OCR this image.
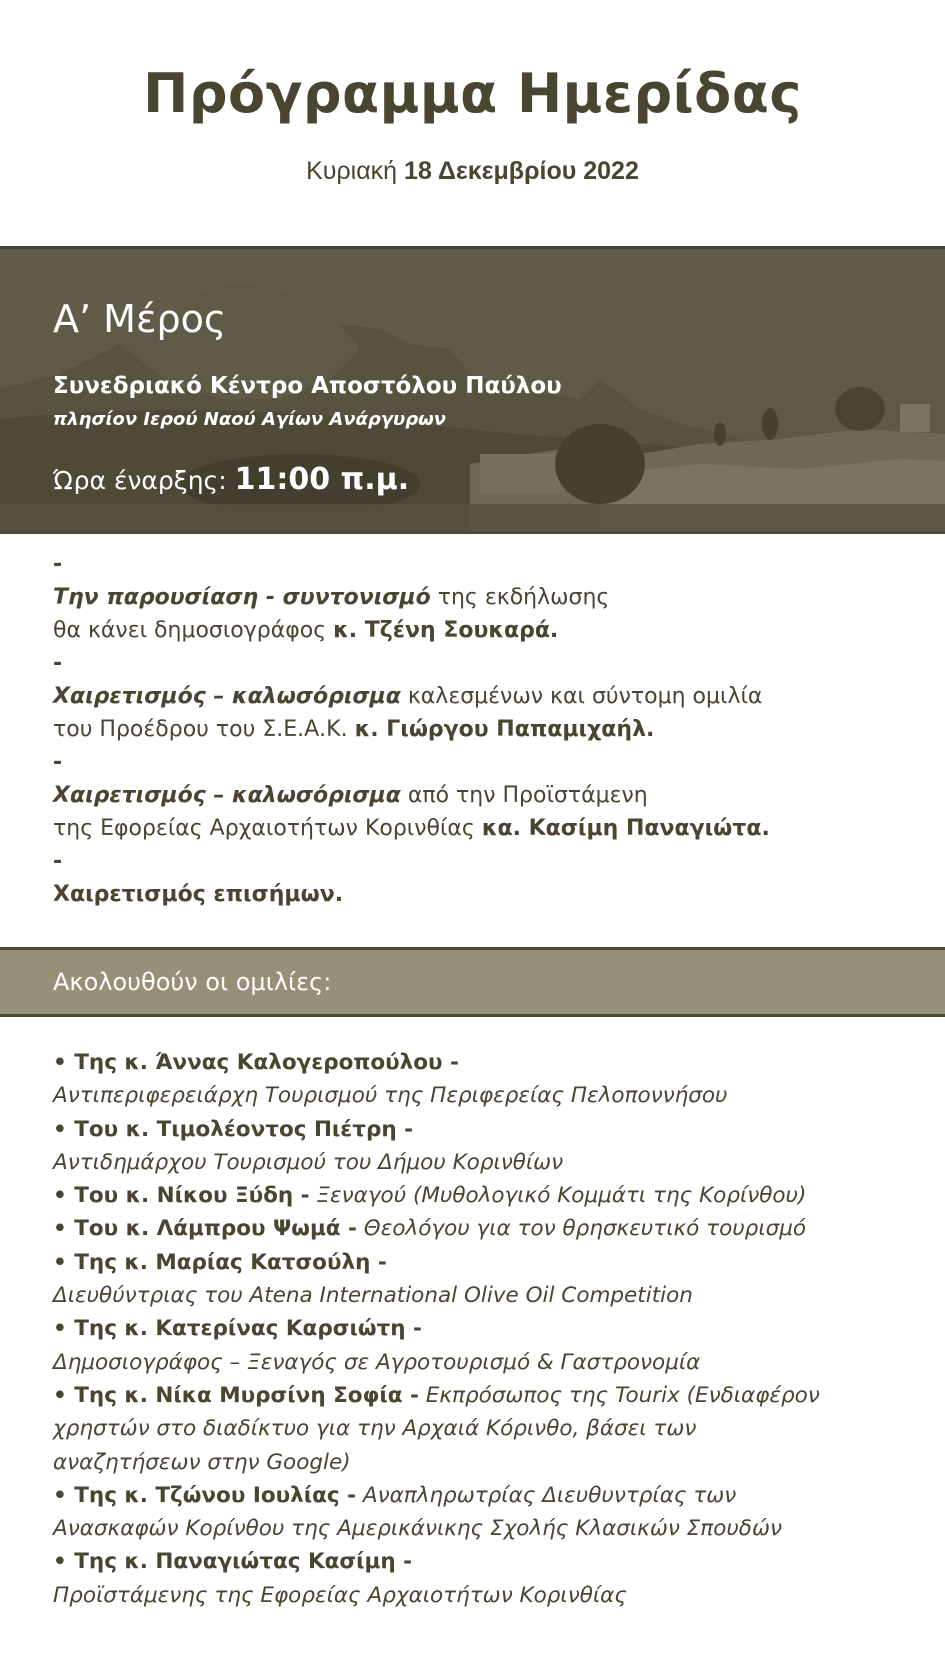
Πρόγραμμα Ημερίδας
Κυριακή 18 Δεκεμβρίου 2022
Α’ Μέρος
Συνεδριακό Κέντρο Αποστόλου Παύλου
πλησίον Ιερού Ναού Αγίων Ανάργυρων
Ώρα έναρξης: 11:00 π.μ.
-
Την παρουσίαση - συντονισμό της εκδήλωσης
θα κάνει δημοσιογράφος κ. Τζένη Σουκαρά.
-
Χαιρετισμός – καλωσόρισμα καλεσμένων και σύντομη ομιλία
του Προέδρου του Σ.Ε.Α.Κ. κ. Γιώργου Παπαμιχαήλ.
-
Χαιρετισμός – καλωσόρισμα από την Προϊστάμενη
της Εφορείας Αρχαιοτήτων Κορινθίας κα. Κασίμη Παναγιώτα.
-
Χαιρετισμός επισήμων.
Ακολουθούν οι ομιλίες:
• Της κ. Άννας Καλογεροπούλου -
Αντιπεριφερειάρχη Τουρισμού της Περιφερείας Πελοποννήσου
• Του κ. Τιμολέοντος Πιέτρη -
Αντιδημάρχου Τουρισμού του Δήμου Κορινθίων
• Του κ. Νίκου Ξύδη - Ξεναγού (Μυθολογικό Κομμάτι της Κορίνθου)
• Του κ. Λάμπρου Ψωμά - Θεολόγου για τον θρησκευτικό τουρισμό
• Της κ. Μαρίας Κατσούλη -
Διευθύντριας του Atena International Olive Oil Competition
• Της κ. Κατερίνας Καρσιώτη -
Δημοσιογράφος – Ξεναγός σε Αγροτουρισμό & Γαστρονομία
• Της κ. Νίκα Μυρσίνη Σοφία - Εκπρόσωπος της Tourix (Ενδιαφέρον
χρηστών στο διαδίκτυο για την Αρχαιά Κόρινθο, βάσει των
αναζητήσεων στην Google)
• Της κ. Τζώνου Ιουλίας - Αναπληρωτρίας Διευθυντρίας των
Ανασκαφών Κορίνθου της Αμερικάνικης Σχολής Κλασικών Σπουδών
• Της κ. Παναγιώτας Κασίμη -
Προϊστάμενης της Εφορείας Αρχαιοτήτων Κορινθίας
